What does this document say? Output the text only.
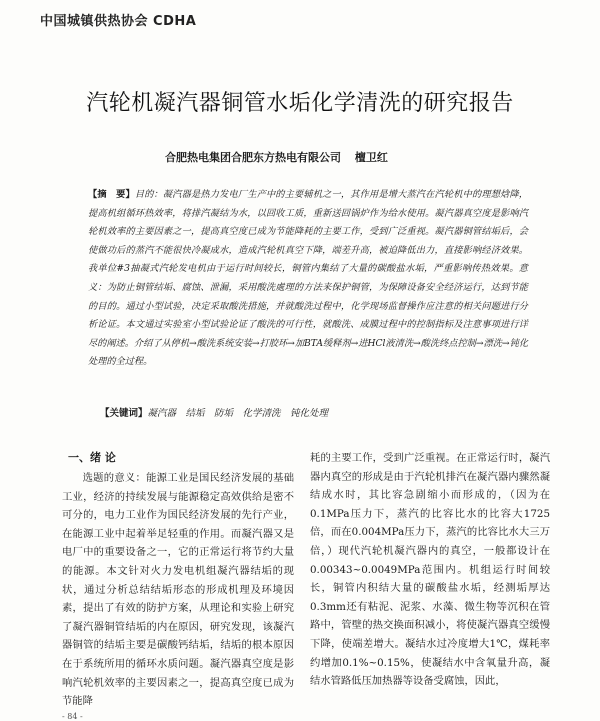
中国城镇供热协会 CDHA
汽轮机凝汽器铜管水垢化学清洗的研究报告
合肥热电集团合肥东方热电有限公司 檀卫红
【摘　要】目的：凝汽器是热力发电厂生产中的主要辅机之一，其作用是增大蒸汽在汽轮机中的理想焓降，提高机组循环热效率，将排汽凝结为水，以回收工质，重新送回锅炉作为给水使用。凝汽器真空度是影响汽轮机效率的主要因素之一，提高真空度已成为节能降耗的主要工作，受到广泛重视。凝汽器铜管结垢后，会使做功后的蒸汽不能很快冷凝成水，造成汽轮机真空下降，端差升高，被迫降低出力，直接影响经济效果。我单位#3抽凝式汽轮发电机由于运行时间较长，铜管内集结了大量的碳酸盐水垢，严重影响传热效果。意义：为防止铜管结垢、腐蚀、泄漏，采用酸洗處理的方法来保护铜管，为保障设备安全经济运行，达到节能的目的。通过小型试验，决定采取酸洗措施，并就酸洗过程中，化学现场监督操作应注意的相关问题进行分析论证。本文通过实验室小型试验论证了酸洗的可行性，就酸洗、成膜过程中的控制指标及注意事项进行详尽的阐述。介绍了从停机→酸洗系统安装→打胶环→加BTA缓释剂→进HCl液清洗→酸洗终点控制→漂洗→钝化处理的全过程。
【关键词】凝汽器　结垢　防垢　化学清洗　钝化处理
一、绪 论

选题的意义：能源工业是国民经济发展的基础工业，经济的持续发展与能源稳定高效供给是密不可分的，电力工业作为国民经济发展的先行产业，在能源工业中起着举足轻重的作用。而凝汽器又是电厂中的重要设备之一，它的正常运行将节约大量的能源。本文针对火力发电机组凝汽器结垢的现状，通过分析总结结垢形态的形成机理及环境因素，提出了有效的防护方案，从理论和实验上研究了凝汽器铜管结垢的内在原因，研究发现，该凝汽器铜管的结垢主要是碳酸钙结垢，结垢的根本原因在于系统所用的循环水质问题。凝汽器真空度是影响汽轮机效率的主要因素之一，提高真空度已成为节能降

耗的主要工作，受到广泛重视。在正常运行时，凝汽器内真空的形成是由于汽轮机排汽在凝汽器内骤然凝结成水时，其比容急剧缩小而形成的，（因为在0.1MPa压力下，蒸汽的比容比水的比容大1725倍，而在0.004MPa压力下，蒸汽的比容比水大三万倍，）现代汽轮机凝汽器内的真空，一般都设计在0.00343~0.0049MPa范围内。机组运行时间较长，铜管内积结大量的碳酸盐水垢，经测垢厚达0.3mm还有粘泥、泥浆、水藻、微生物等沉积在管路中，管壁的热交换面积减小，将使凝汽器真空缓慢下降，使端差增大。凝结水过冷度增大1℃，煤耗率约增加0.1%~0.15%，使凝结水中含氧量升高，凝结水管路低压加热器等设备受腐蚀，因此，

- 84 -
